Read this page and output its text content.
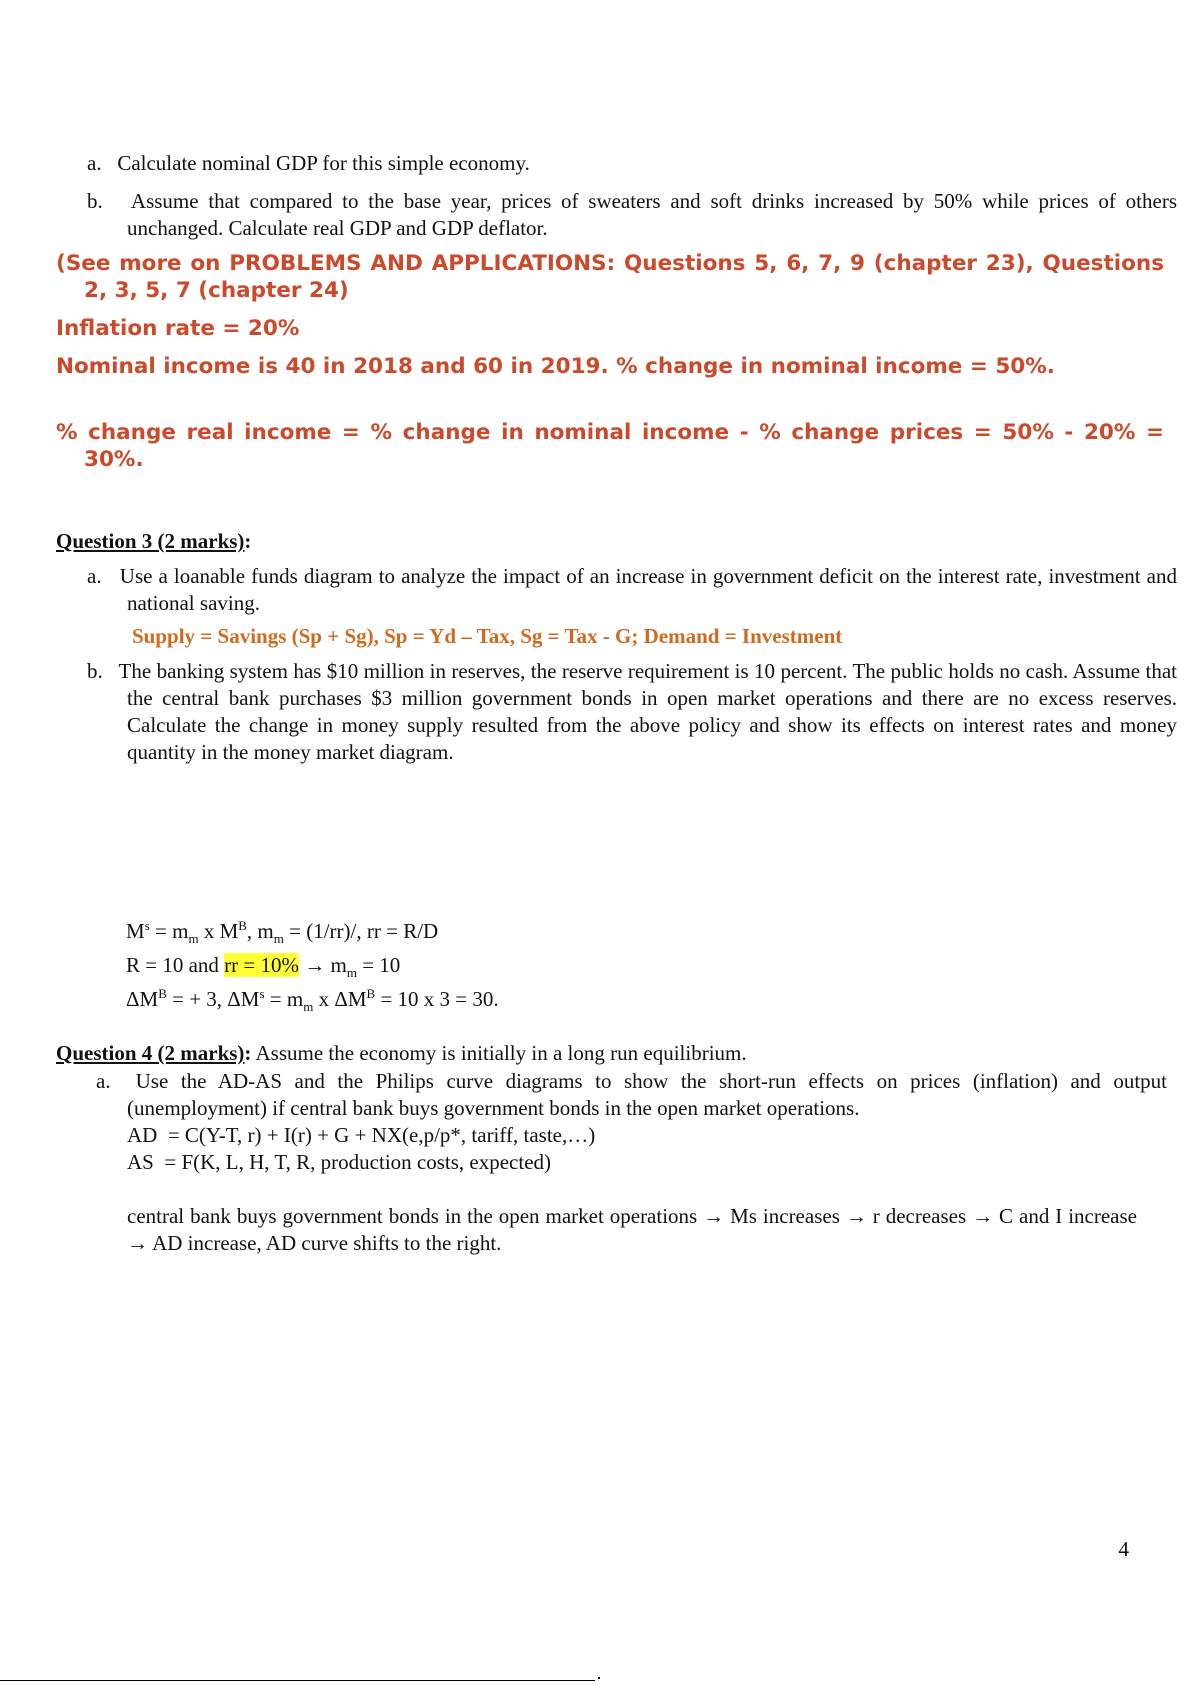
a. Calculate nominal GDP for this simple economy.
b. Assume that compared to the base year, prices of sweaters and soft drinks increased by 50% while prices of others unchanged. Calculate real GDP and GDP deflator.
(See more on PROBLEMS AND APPLICATIONS: Questions 5, 6, 7, 9 (chapter 23), Questions 2, 3, 5, 7 (chapter 24)
Inflation rate = 20%
Nominal income is 40 in 2018 and 60 in 2019. % change in nominal income = 50%.
% change real income = % change in nominal income - % change prices = 50% - 20% = 30%.
Question 3 (2 marks):
a. Use a loanable funds diagram to analyze the impact of an increase in government deficit on the interest rate, investment and national saving.
Supply = Savings (Sp + Sg), Sp = Yd – Tax, Sg = Tax - G; Demand = Investment
b. The banking system has $10 million in reserves, the reserve requirement is 10 percent. The public holds no cash. Assume that the central bank purchases $3 million government bonds in open market operations and there are no excess reserves. Calculate the change in money supply resulted from the above policy and show its effects on interest rates and money quantity in the money market diagram.
$M^s = m_m$ x $M^B$, $m_m = (1/rr)/$, rr = R/D
R = 10 and rr = $10\% \to m_m = 10$
$\Delta M^B$ = + 3, $\Delta M^s = m_m$ x $\Delta M^B = 10$ x 3 = 30.
Question 4 (2 marks): Assume the economy is initially in a long run equilibrium.
a. Use the AD-AS and the Philips curve diagrams to show the short-run effects on prices (inflation) and output (unemployment) if central bank buys government bonds in the open market operations.
AD  = C(Y-T, r) + I(r) + G + NX(e,p/p*, tariff, taste,…)
AS  = F(K, L, H, T, R, production costs, expected)
central bank buys government bonds in the open market operations → Ms increases → r decreases → C and I increase → AD increase, AD curve shifts to the right.
4
